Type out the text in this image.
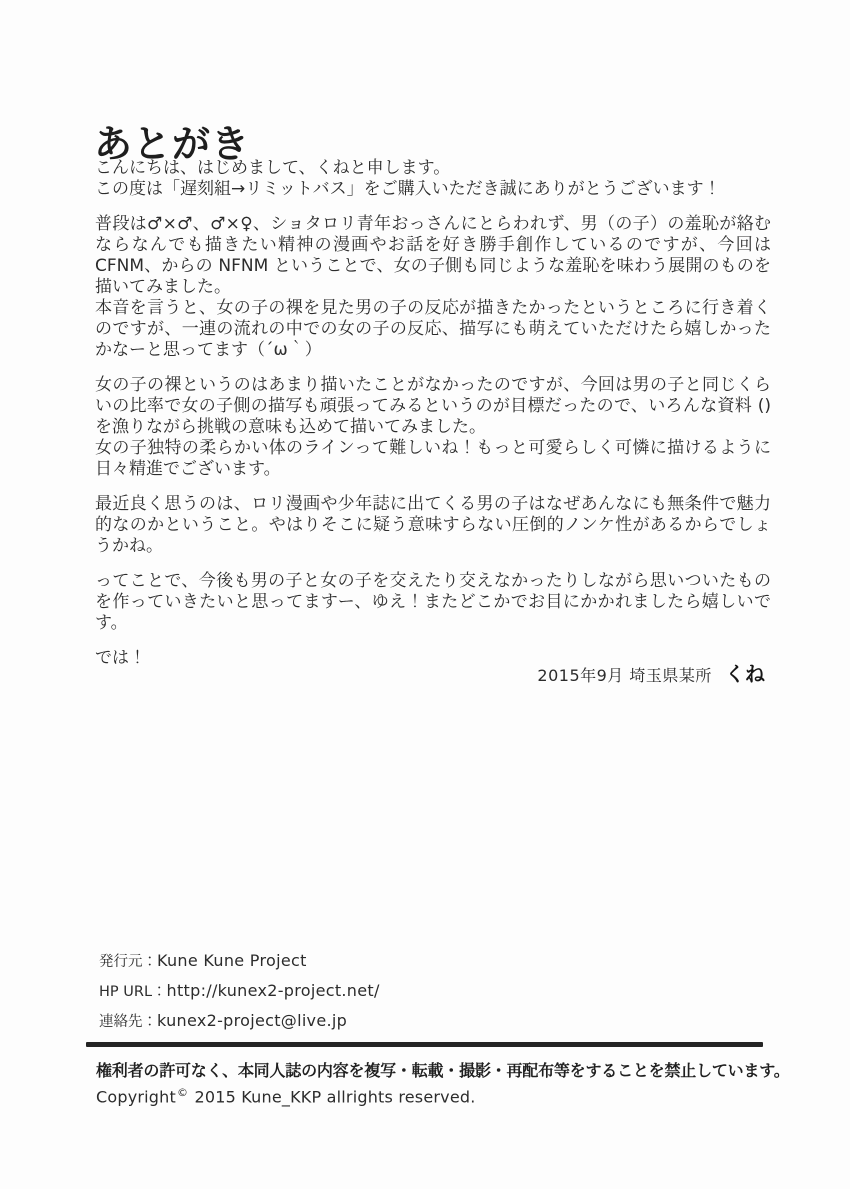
あとがき

こんにちは、はじめまして、くねと申します。

この度は「遅刻組→リミットバス」をご購入いただき誠にありがとうございます！

普段は♂×♂、♂×♀、ショタロリ青年おっさんにとらわれず、男（の子）の羞恥が絡むならなんでも描きたい精神の漫画やお話を好き勝手創作しているのですが、今回は CFNM、からの NFNM ということで、女の子側も同じような羞恥を味わう展開のものを描いてみました。

本音を言うと、女の子の裸を見た男の子の反応が描きたかったというところに行き着くのですが、一連の流れの中での女の子の反応、描写にも萌えていただけたら嬉しかったかなーと思ってます（´ω｀）

女の子の裸というのはあまり描いたことがなかったのですが、今回は男の子と同じくらいの比率で女の子側の描写も頑張ってみるというのが目標だったので、いろんな資料 () を漁りながら挑戦の意味も込めて描いてみました。

女の子独特の柔らかい体のラインって難しいね！もっと可愛らしく可憐に描けるように日々精進でございます。

最近良く思うのは、ロリ漫画や少年誌に出てくる男の子はなぜあんなにも無条件で魅力的なのかということ。やはりそこに疑う意味すらない圧倒的ノンケ性があるからでしょうかね。

ってことで、今後も男の子と女の子を交えたり交えなかったりしながら思いついたものを作っていきたいと思ってますー、ゆえ！またどこかでお目にかかれましたら嬉しいです。

では！

2015年9月 埼玉県某所 くね
発行元：Kune Kune Project
HP URL：http://kunex2-project.net/
連絡先：kunex2-project@live.jp
権利者の許可なく、本同人誌の内容を複写・転載・撮影・再配布等をすることを禁止しています。
Copyright© 2015 Kune_KKP allrights reserved.
